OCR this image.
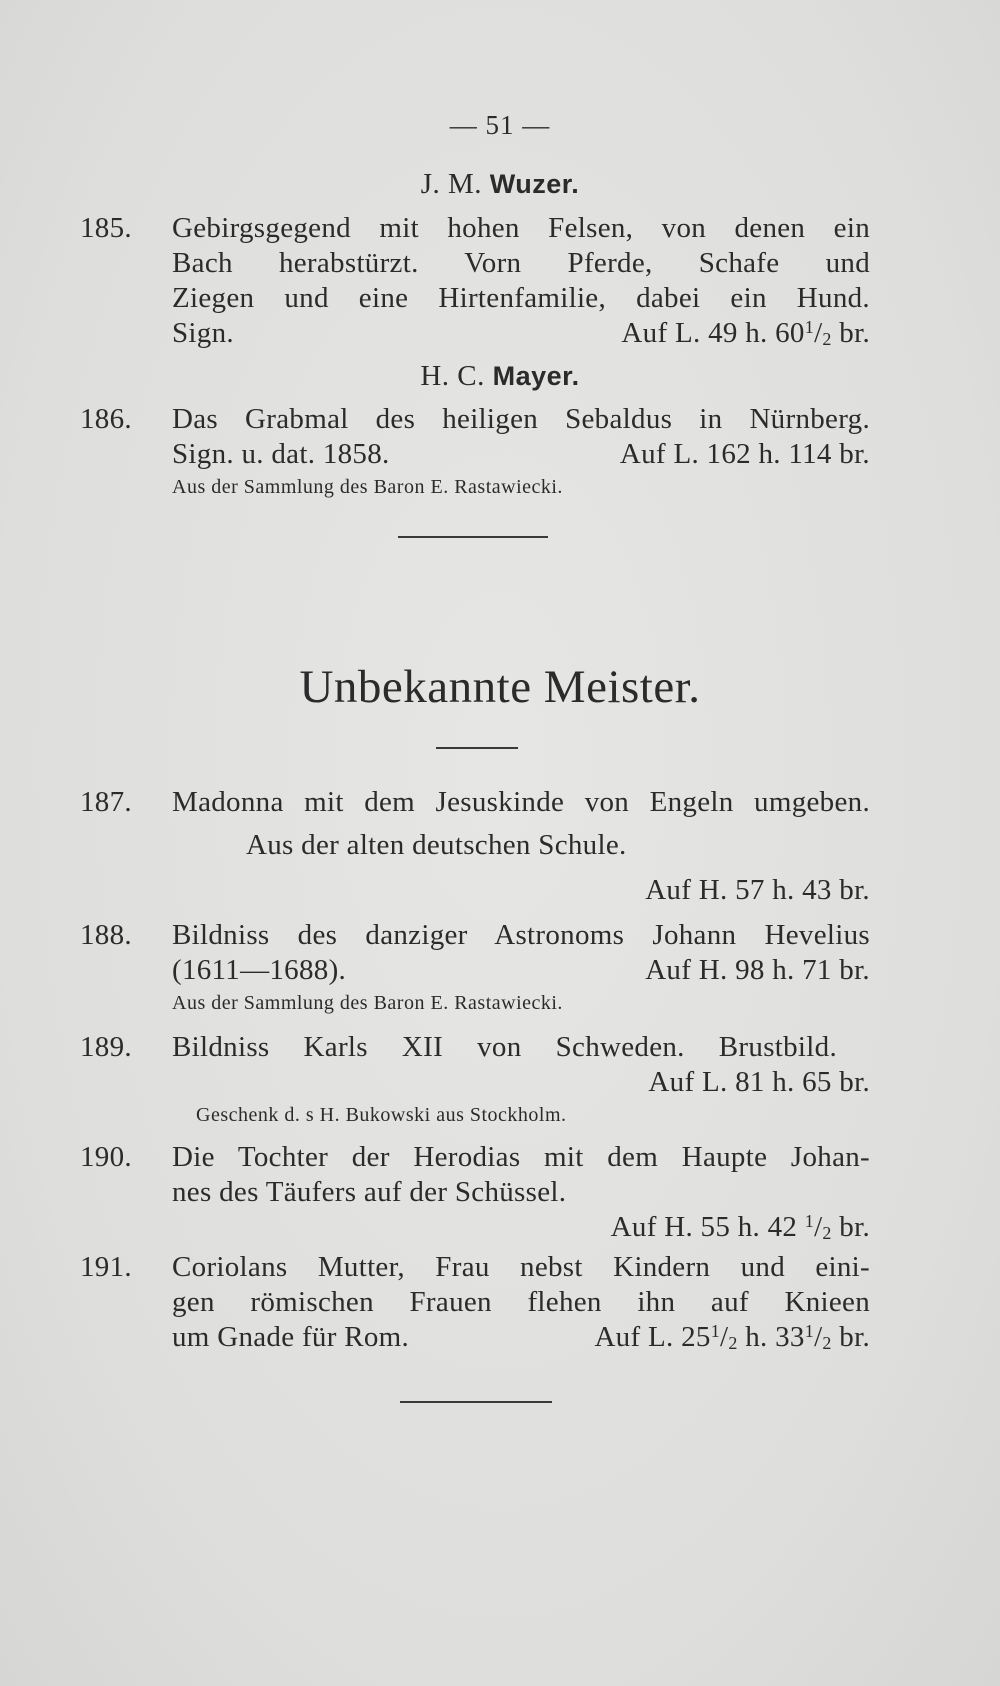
— 51 —
J. M. Wuzer.
185.	Gebirgsgegend mit hohen Felsen, von denen ein
Bach herabstürzt. Vorn Pferde, Schafe und
Ziegen und eine Hirtenfamilie, dabei ein Hund.
Sign.	Auf L. 49 h. $60^1/_2$ br.
H. C. Mayer.
186.	Das Grabmal des heiligen Sebaldus in Nürnberg.
Sign. u. dat. 1858.	Auf L. 162 h. 114 br.
Aus der Sammlung des Baron E. Rastawiecki.
Unbekannte Meister.
187.	Madonna mit dem Jesuskinde von Engeln umgeben.
Aus der alten deutschen Schule.
Auf H. 57 h. 43 br.
188.	Bildniss des danziger Astronoms Johann Hevelius
(1611—1688).	Auf H. 98 h. 71 br.
Aus der Sammlung des Baron E. Rastawiecki.
189.	Bildniss Karls XII von Schweden. Brustbild.
Auf L. 81 h. 65 br.
Geschenk d. s H. Bukowski aus Stockholm.
190.	Die Tochter der Herodias mit dem Haupte Johan-
nes des Täufers auf der Schüssel.
Auf H. 55 h. 42 $^1/_2$ br.
191.	Coriolans Mutter, Frau nebst Kindern und eini-
gen römischen Frauen flehen ihn auf Knieen
um Gnade für Rom.	Auf L. $25^1/_2$ h. $33^1/_2$ br.
